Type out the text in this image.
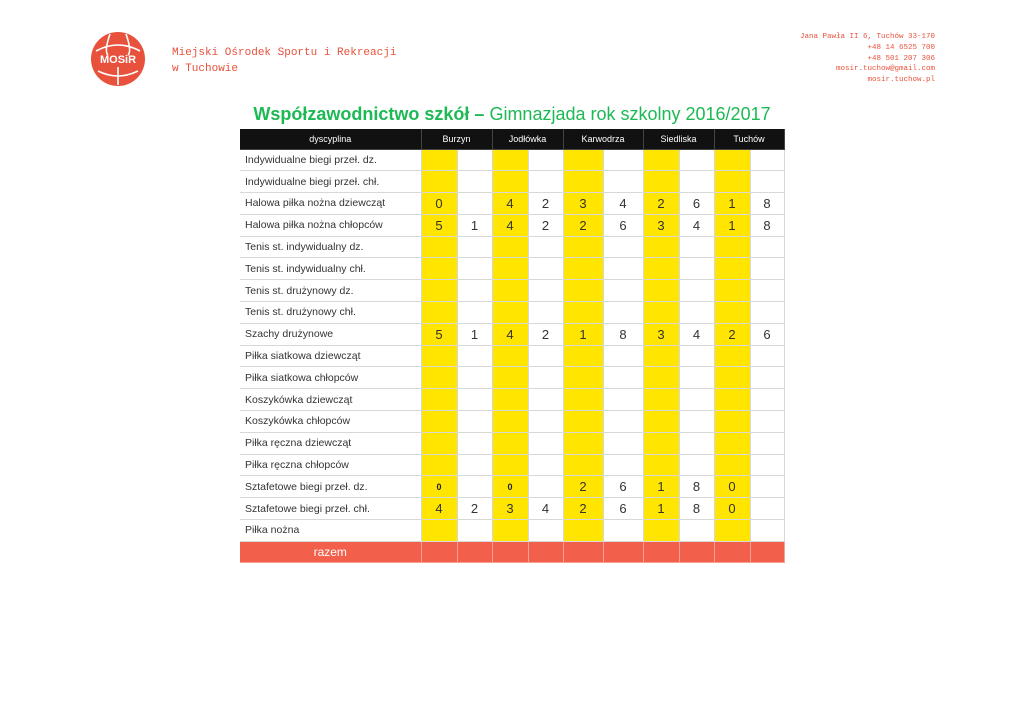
MOSiR
Miejski Ośrodek Sportu i Rekreacji
w Tuchowie
Jana Pawła II 6, Tuchów 33-170
+48 14 6525 700
+48 501 207 306
mosir.tuchow@gmail.com
mosir.tuchow.pl
Współzawodnictwo szkół – Gimnazjada rok szkolny 2016/2017
dyscyplina	Burzyn		Jodłówka		Karwodrza		Siedliska		Tuchów	
Indywidualne biegi przeł. dz.										
Indywidualne biegi przeł. chł.										
Halowa piłka nożna dziewcząt	0		4	2	3	4	2	6	1	8
Halowa piłka nożna chłopców	5	1	4	2	2	6	3	4	1	8
Tenis st. indywidualny dz.										
Tenis st. indywidualny chł.										
Tenis st. drużynowy dz.										
Tenis st. drużynowy chł.										
Szachy drużynowe	5	1	4	2	1	8	3	4	2	6
Piłka siatkowa dziewcząt										
Piłka siatkowa chłopców										
Koszykówka dziewcząt										
Koszykówka chłopców										
Piłka ręczna dziewcząt										
Piłka ręczna chłopców										
Sztafetowe biegi przeł. dz.	0		0		2	6	1	8	0	
Sztafetowe biegi przeł. chł.	4	2	3	4	2	6	1	8	0	
Piłka nożna										
razem										
